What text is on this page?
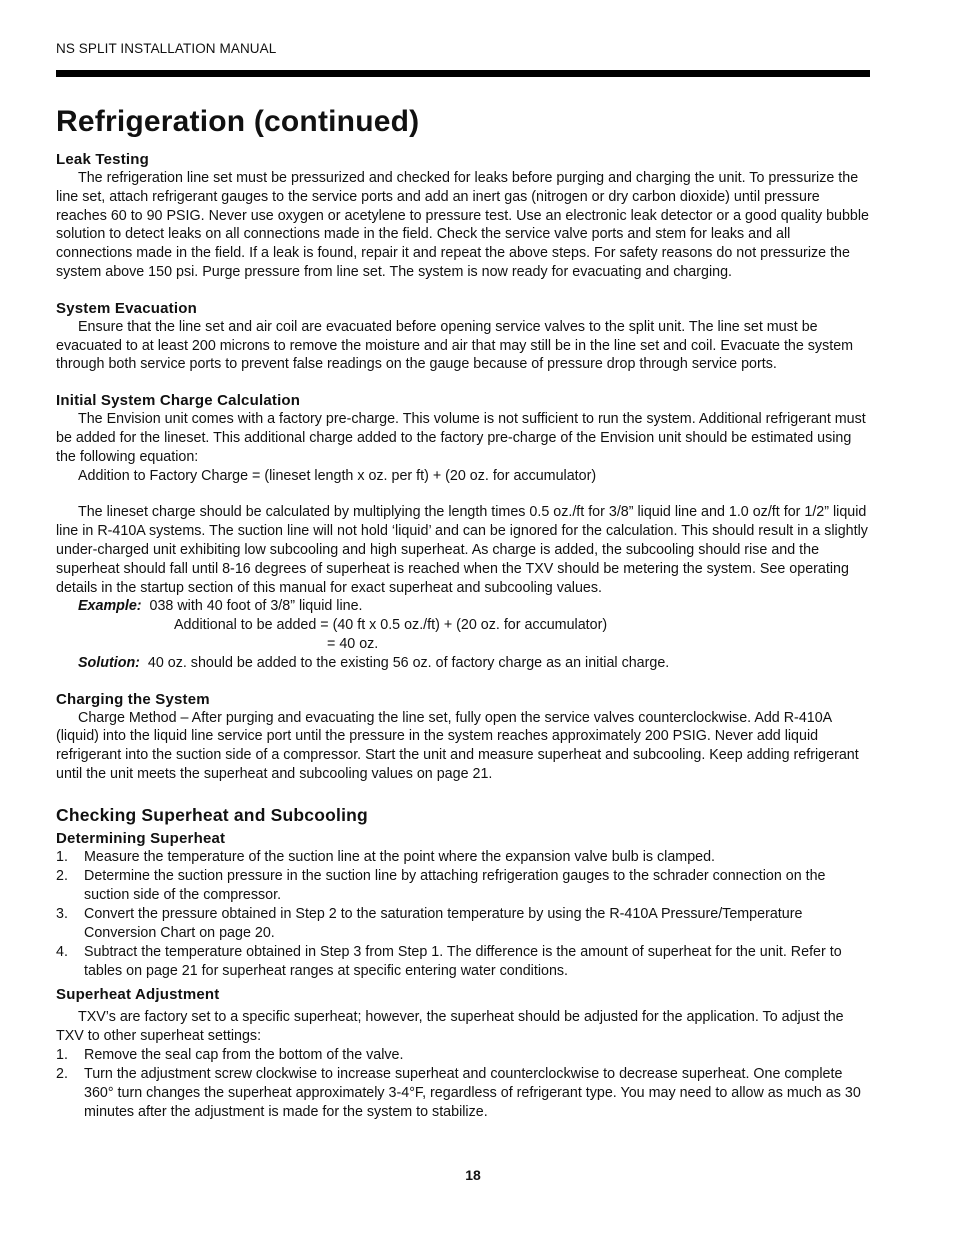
NS SPLIT INSTALLATION MANUAL
Refrigeration (continued)
Leak Testing

The refrigeration line set must be pressurized and checked for leaks before purging and charging the unit. To pressurize the line set, attach refrigerant gauges to the service ports and add an inert gas (nitrogen or dry carbon dioxide) until pressure reaches 60 to 90 PSIG. Never use oxygen or acetylene to pressure test. Use an electronic leak detector or a good quality bubble solution to detect leaks on all connections made in the field. Check the service valve ports and stem for leaks and all connections made in the field. If a leak is found, repair it and repeat the above steps. For safety reasons do not pressurize the system above 150 psi. Purge pressure from line set. The system is now ready for evacuating and charging.

System Evacuation

Ensure that the line set and air coil are evacuated before opening service valves to the split unit. The line set must be evacuated to at least 200 microns to remove the moisture and air that may still be in the line set and coil. Evacuate the system through both service ports to prevent false readings on the gauge because of pressure drop through service ports.

Initial System Charge Calculation

The Envision unit comes with a factory pre-charge. This volume is not sufficient to run the system. Additional refrigerant must be added for the lineset. This additional charge added to the factory pre-charge of the Envision unit should be estimated using the following equation:

Addition to Factory Charge = (lineset length x oz. per ft) + (20 oz. for accumulator)

The lineset charge should be calculated by multiplying the length times 0.5 oz./ft for 3/8” liquid line and 1.0 oz/ft for 1/2” liquid line in R-410A systems. The suction line will not hold ‘liquid’ and can be ignored for the calculation. This should result in a slightly under-charged unit exhibiting low subcooling and high superheat. As charge is added, the subcooling should rise and the superheat should fall until 8-16 degrees of superheat is reached when the TXV should be metering the system. See operating details in the startup section of this manual for exact superheat and subcooling values.

Example: 038 with 40 foot of 3/8” liquid line.
Additional to be added = (40 ft x 0.5 oz./ft) + (20 oz. for accumulator)
= 40 oz.
Solution: 40 oz. should be added to the existing 56 oz. of factory charge as an initial charge.
Charging the System

Charge Method – After purging and evacuating the line set, fully open the service valves counterclockwise. Add R-410A (liquid) into the liquid line service port until the pressure in the system reaches approximately 200 PSIG. Never add liquid refrigerant into the suction side of a compressor. Start the unit and measure superheat and subcooling. Keep adding refrigerant until the unit meets the superheat and subcooling values on page 21.

Checking Superheat and Subcooling
Determining Superheat
1. Measure the temperature of the suction line at the point where the expansion valve bulb is clamped.
2. Determine the suction pressure in the suction line by attaching refrigeration gauges to the schrader connection on the suction side of the compressor.
3. Convert the pressure obtained in Step 2 to the saturation temperature by using the R-410A Pressure/Temperature Conversion Chart on page 20.
4. Subtract the temperature obtained in Step 3 from Step 1. The difference is the amount of superheat for the unit. Refer to tables on page 21 for superheat ranges at specific entering water conditions.
Superheat Adjustment

TXV’s are factory set to a specific superheat; however, the superheat should be adjusted for the application. To adjust the TXV to other superheat settings:

1. Remove the seal cap from the bottom of the valve.
2. Turn the adjustment screw clockwise to increase superheat and counterclockwise to decrease superheat. One complete 360° turn changes the superheat approximately 3-4°F, regardless of refrigerant type. You may need to allow as much as 30 minutes after the adjustment is made for the system to stabilize.
18
